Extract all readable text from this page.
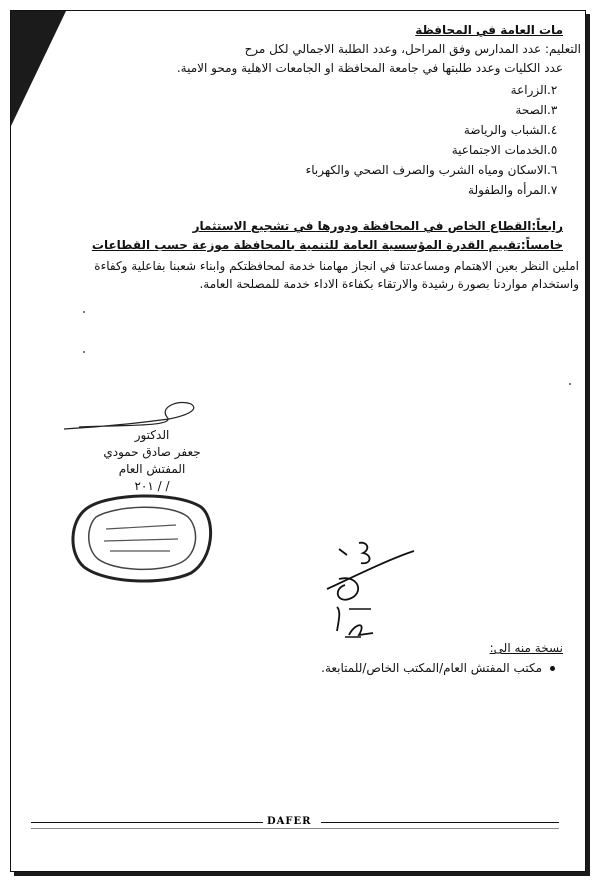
مات العامة في المحافظة
التعليم: عدد المدارس وفق المراحل، وعدد الطلبة الاجمالي لكل مرح
عدد الكليات وعدد طلبتها في جامعة المحافظة او الجامعات الاهلية ومحو الامية.
٢.الزراعة
٣.الصحة
٤.الشباب والرياضة
٥.الخدمات الاجتماعية
٦.الاسكان ومياه الشرب والصرف الصحي والكهرباء
٧.المرأه والطفولة
رابعاً:القطاع الخاص في المحافظة ودورها في تشجيع الاستثمار
خامساً:تقييم القدرة المؤسسية العامة للتنمية بالمحافظة موزعة حسب القطاعات
املين النظر بعين الاهتمام ومساعدتنا في انجاز مهامنا خدمة لمحافظتكم وابناء شعبنا بفاعلية وكفاءة
واستخدام مواردنا بصورة رشيدة والارتقاء بكفاءة الاداء خدمة للمصلحة العامة.
الدكتور
جعفر صادق حمودي
المفتش العام
٢٠١ / /
نسخة منه الى:
مكتب المفتش العام/المكتب الخاص/للمتابعة.
DAFER
